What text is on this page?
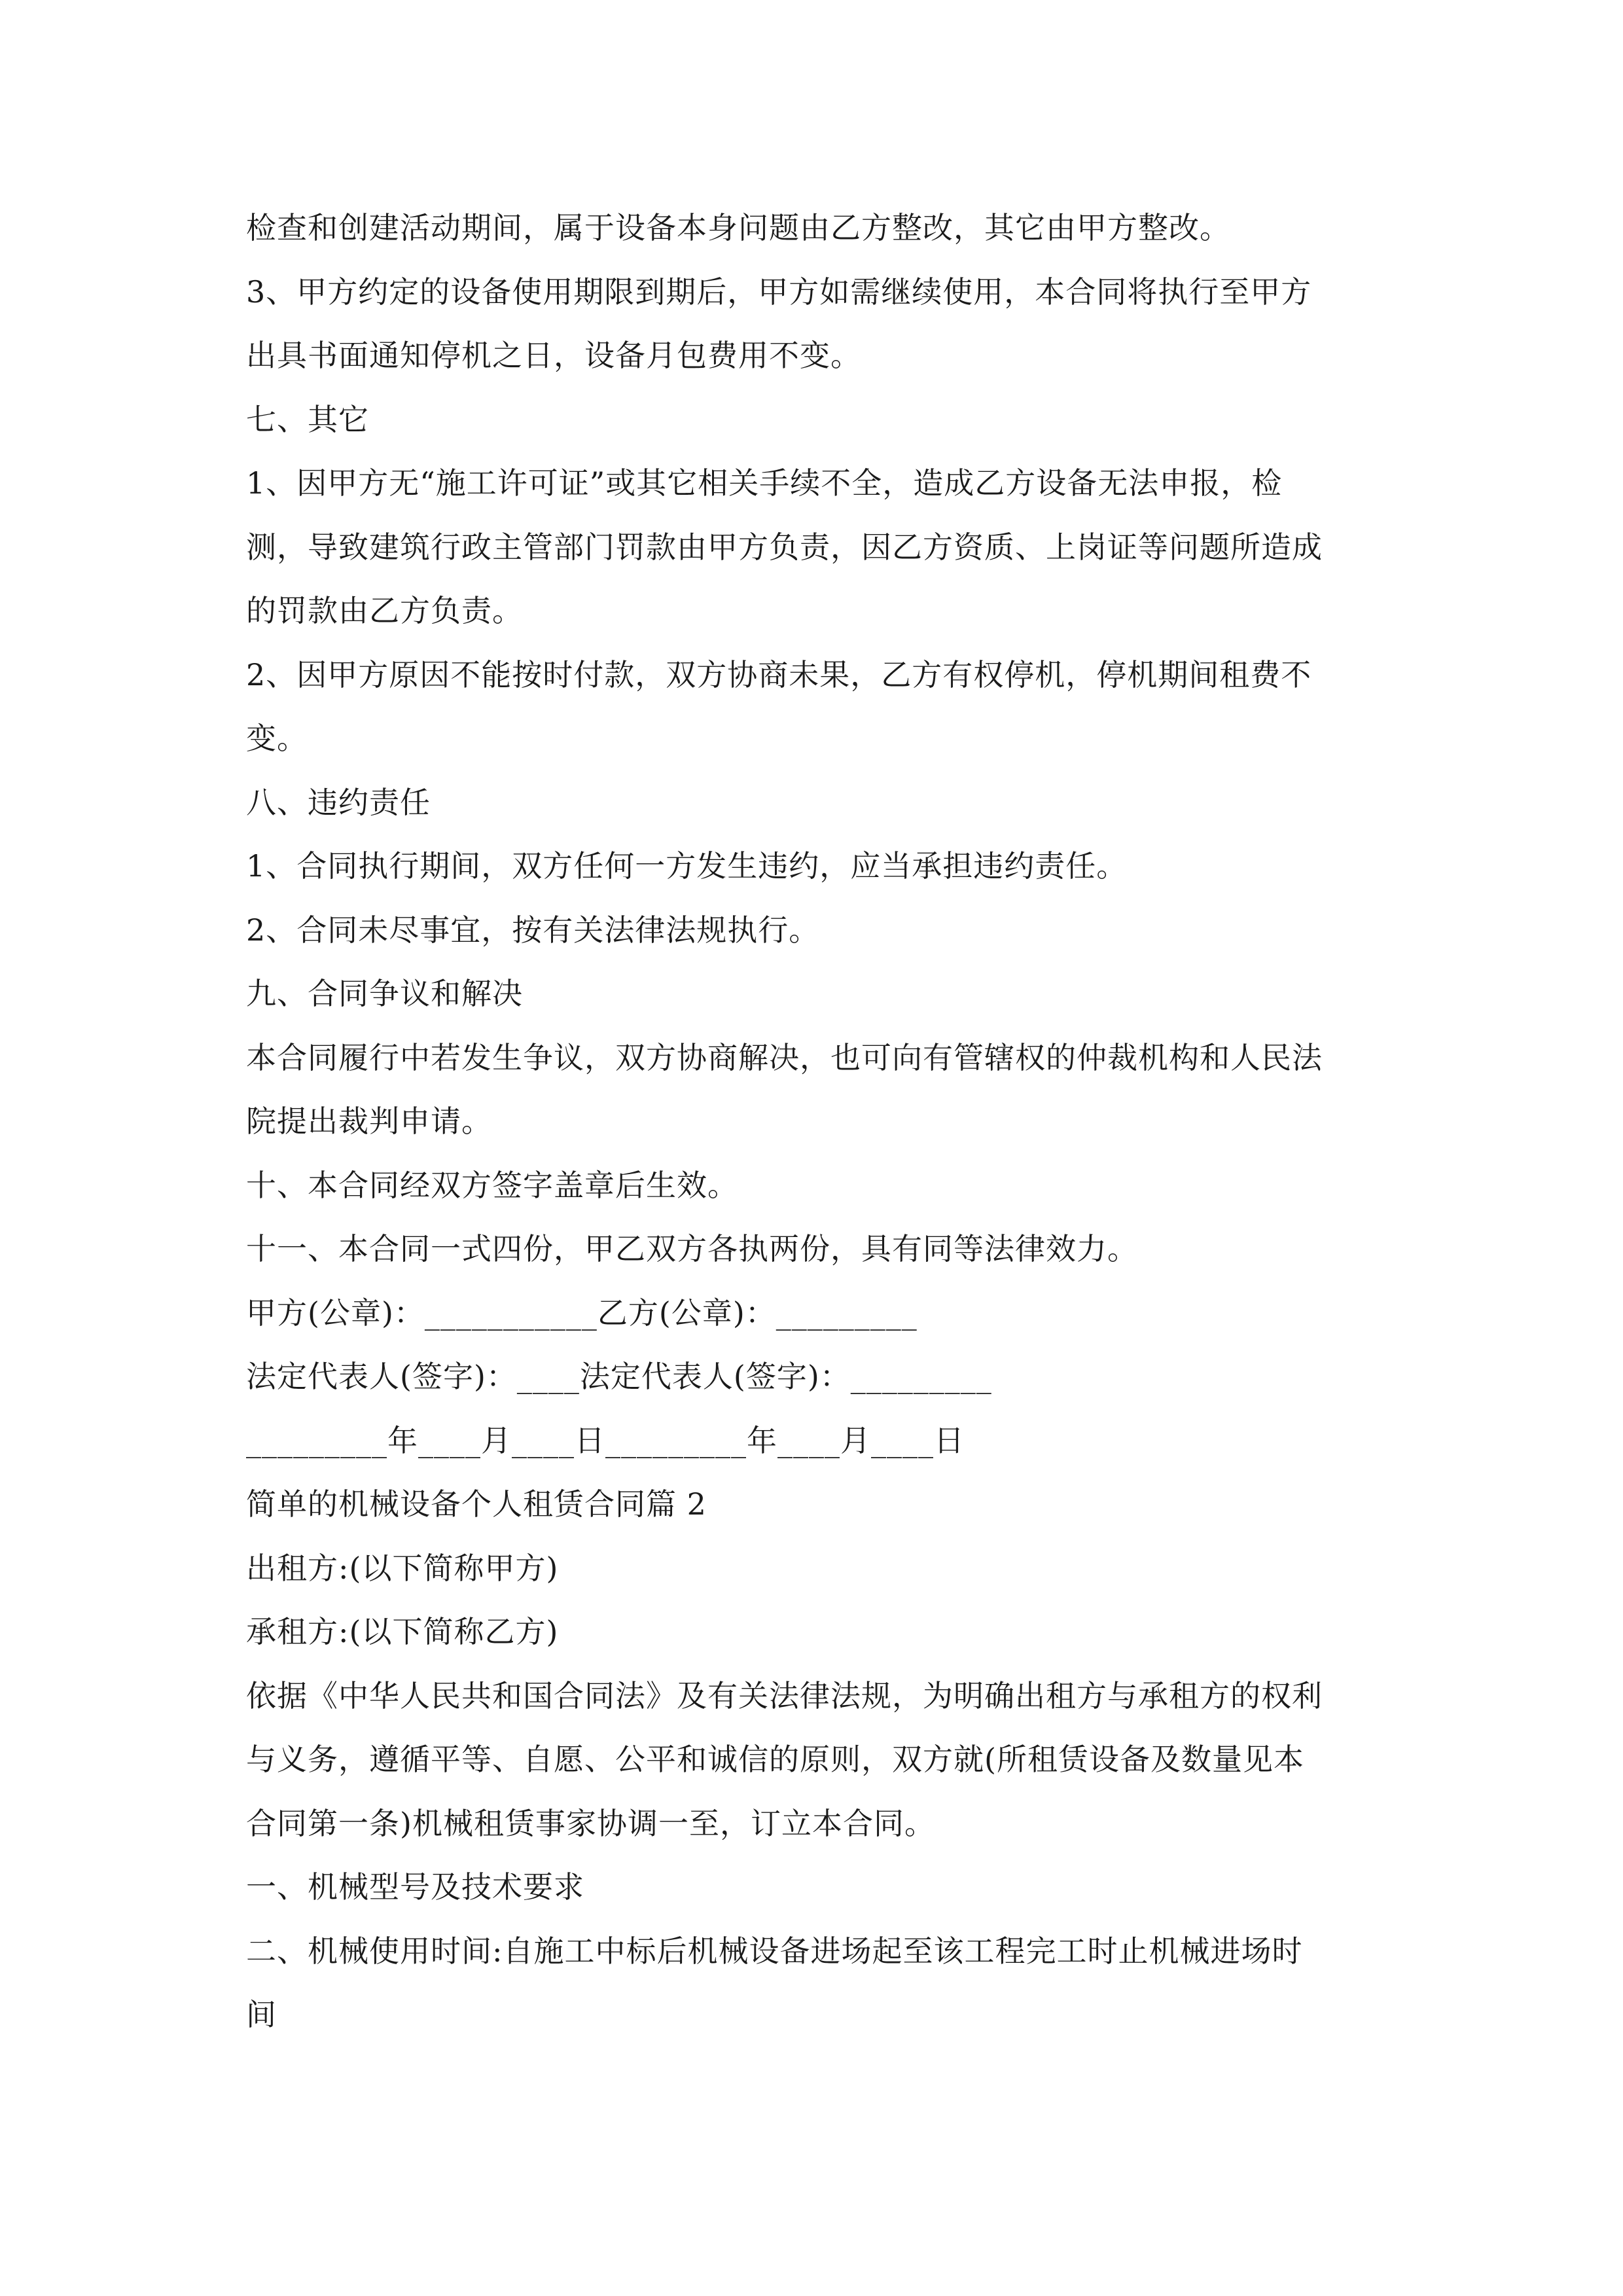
检查和创建活动期间，属于设备本身问题由乙方整改，其它由甲方整改。
3、甲方约定的设备使用期限到期后，甲方如需继续使用，本合同将执行至甲方
出具书面通知停机之日，设备月包费用不变。
七、其它
1、因甲方无“施工许可证”或其它相关手续不全，造成乙方设备无法申报，检
测，导致建筑行政主管部门罚款由甲方负责，因乙方资质、上岗证等问题所造成
的罚款由乙方负责。
2、因甲方原因不能按时付款，双方协商未果，乙方有权停机，停机期间租费不
变。
八、违约责任
1、合同执行期间，双方任何一方发生违约，应当承担违约责任。
2、合同未尽事宜，按有关法律法规执行。
九、合同争议和解决
本合同履行中若发生争议，双方协商解决，也可向有管辖权的仲裁机构和人民法
院提出裁判申请。
十、本合同经双方签字盖章后生效。
十一、本合同一式四份，甲乙双方各执两份，具有同等法律效力。
甲方(公章)：___________乙方(公章)：_________
法定代表人(签字)：____法定代表人(签字)：_________
_________年____月____日_________年____月____日
简单的机械设备个人租赁合同篇 2
出租方:(以下简称甲方)
承租方:(以下简称乙方)
依据《中华人民共和国合同法》及有关法律法规，为明确出租方与承租方的权利
与义务，遵循平等、自愿、公平和诚信的原则，双方就(所租赁设备及数量见本
合同第一条)机械租赁事家协调一至，订立本合同。
一、机械型号及技术要求
二、机械使用时间:自施工中标后机械设备进场起至该工程完工时止机械进场时
间
